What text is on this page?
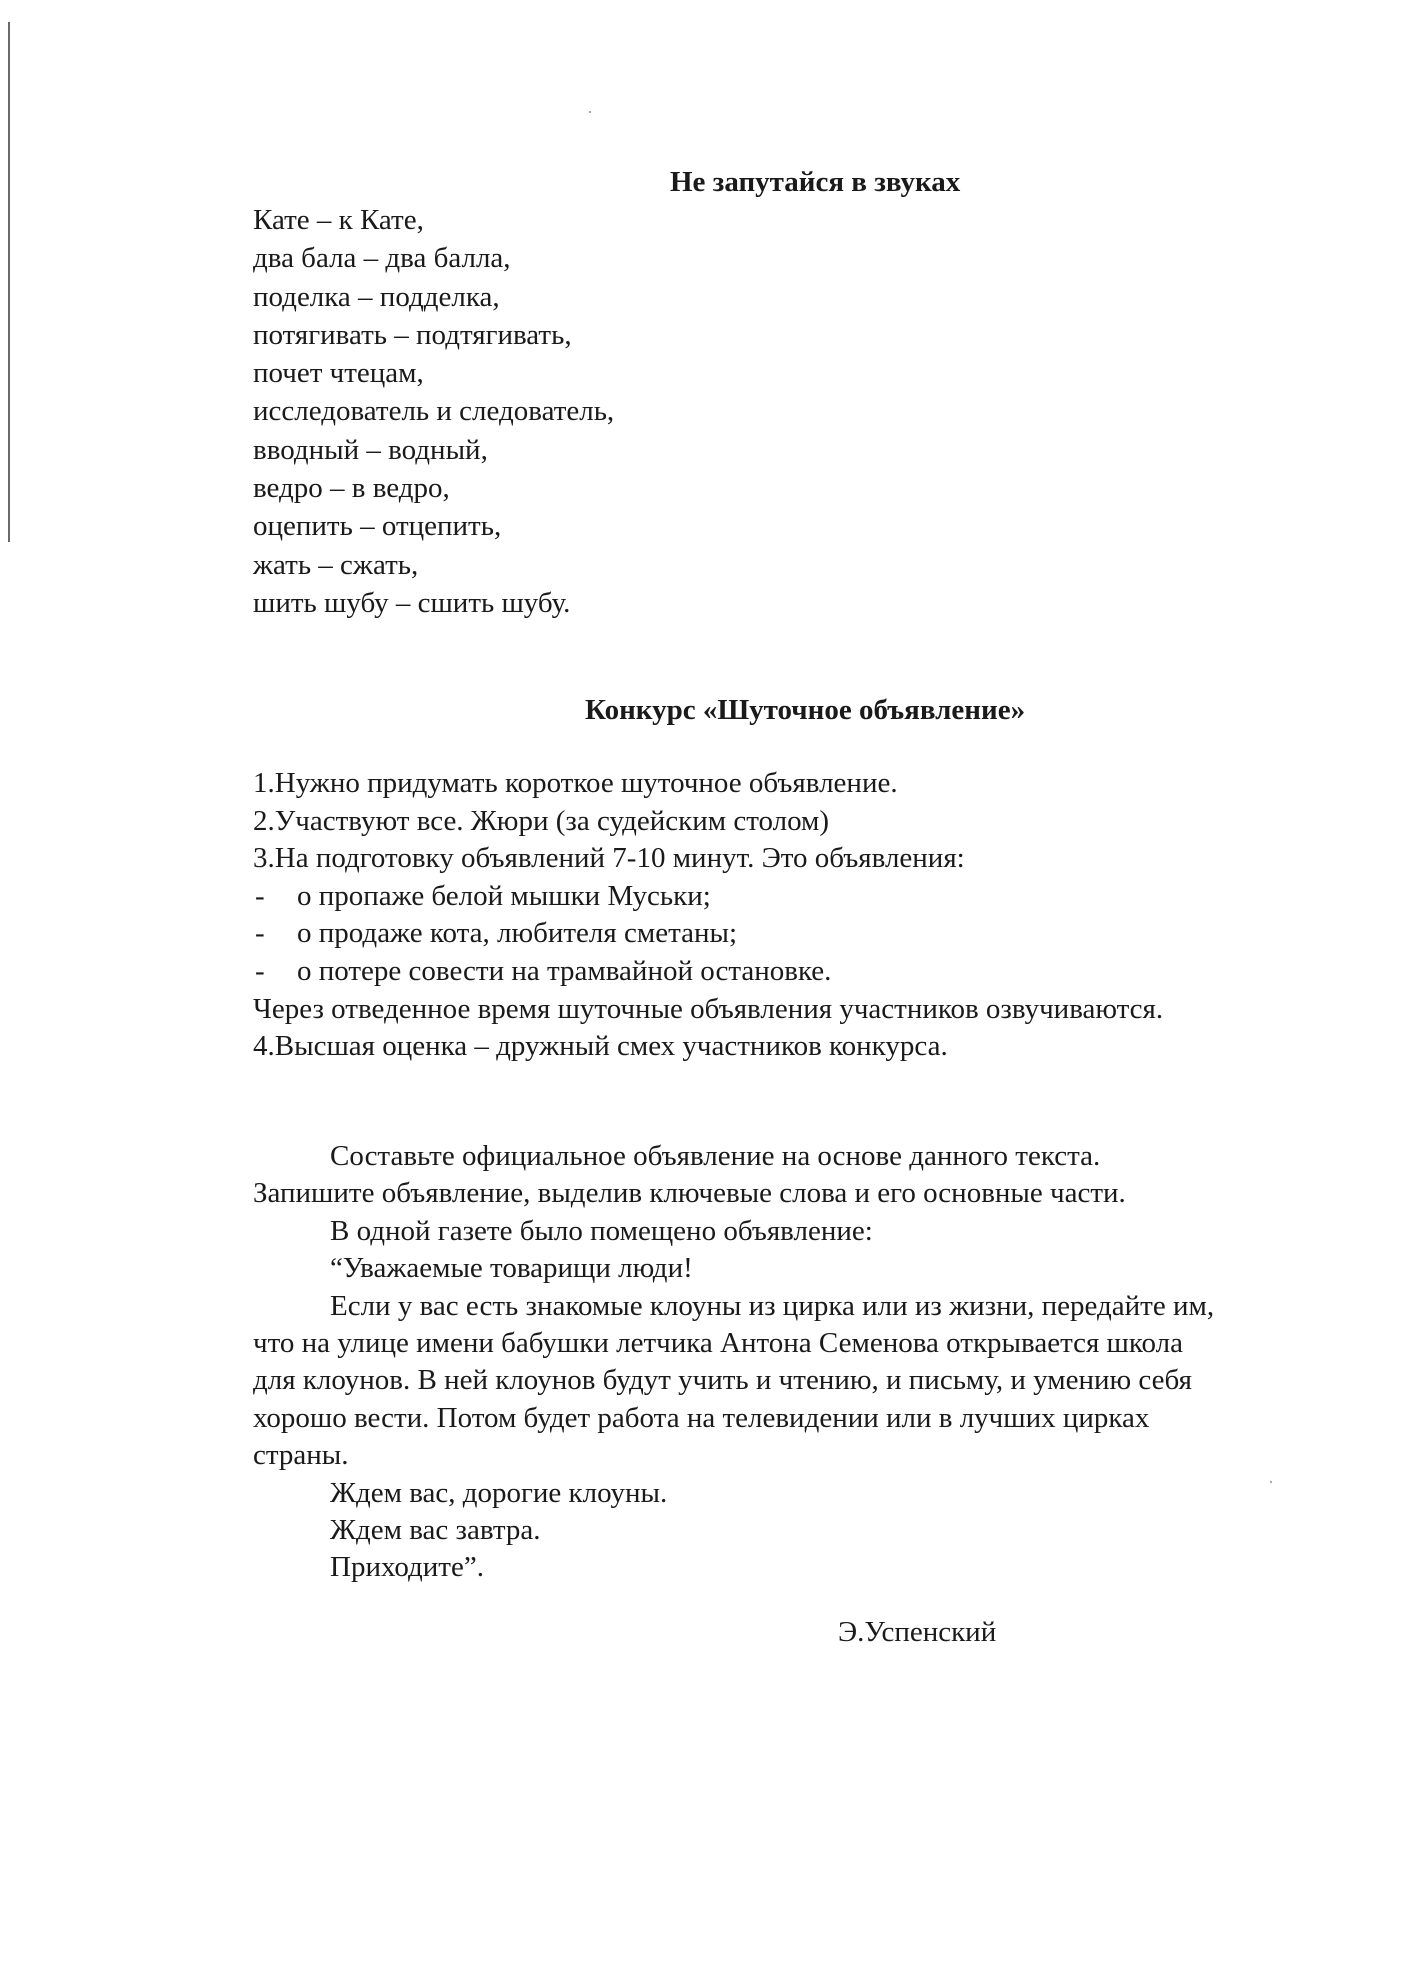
Не запутайся в звуках
Кате – к Кате,
два бала – два балла,
поделка – подделка,
потягивать – подтягивать,
почет чтецам,
исследователь и следователь,
вводный – водный,
ведро – в ведро,
оцепить – отцепить,
жать – сжать,
шить шубу – сшить шубу.
Конкурс «Шуточное объявление»
1.Нужно придумать короткое шуточное объявление.
2.Участвуют все. Жюри (за судейским столом)
3.На подготовку объявлений 7-10 минут. Это объявления:
-	о пропаже белой мышки Муськи;
-	о продаже кота, любителя сметаны;
-	о потере совести на трамвайной остановке.
Через отведенное время шуточные объявления участников озвучиваются.
4.Высшая оценка – дружный смех участников конкурса.
Составьте официальное объявление на основе данного текста.
Запишите объявление, выделив ключевые слова и его основные части.
В одной газете было помещено объявление:
“Уважаемые товарищи люди!
Если у вас есть знакомые клоуны из цирка или из жизни, передайте им,
что на улице имени бабушки летчика Антона Семенова открывается школа
для клоунов. В ней клоунов будут учить и чтению, и письму, и умению себя
хорошо вести. Потом будет работа на телевидении или в лучших цирках
страны.
Ждем вас, дорогие клоуны.
Ждем вас завтра.
Приходите”.
Э.Успенский
